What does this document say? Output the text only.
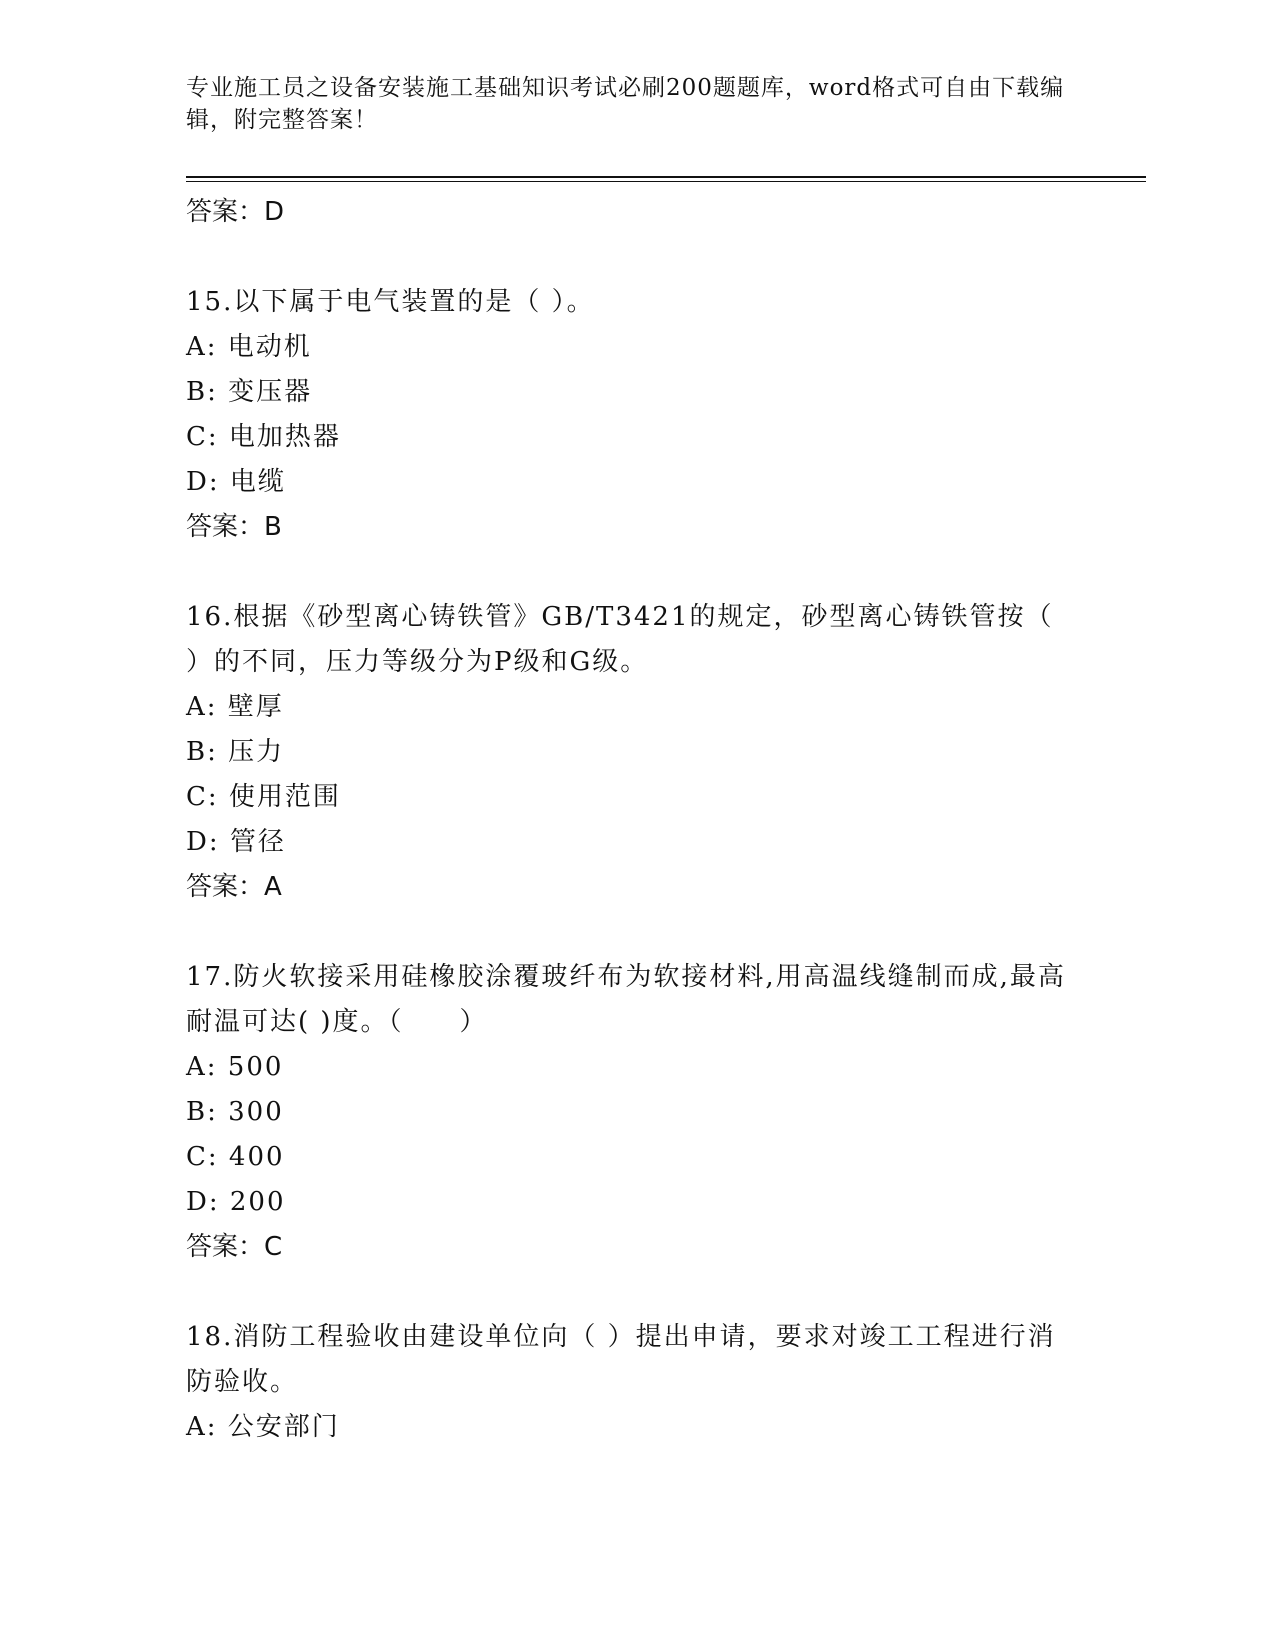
专业施工员之设备安装施工基础知识考试必刷200题题库，word格式可自由下载编辑，附完整答案！
答案：D
15.以下属于电气装置的是（ ）。
A: 电动机
B: 变压器
C: 电加热器
D: 电缆
答案：B
16.根据《砂型离心铸铁管》GB/T3421的规定，砂型离心铸铁管按（ ）的不同，压力等级分为P级和G级。
A: 壁厚
B: 压力
C: 使用范围
D: 管径
答案：A
17.防火软接采用硅橡胶涂覆玻纤布为软接材料,用高温线缝制而成,最高耐温可达( )度。（　　）
A: 500
B: 300
C: 400
D: 200
答案：C
18.消防工程验收由建设单位向（ ）提出申请，要求对竣工工程进行消防验收。
A: 公安部门
